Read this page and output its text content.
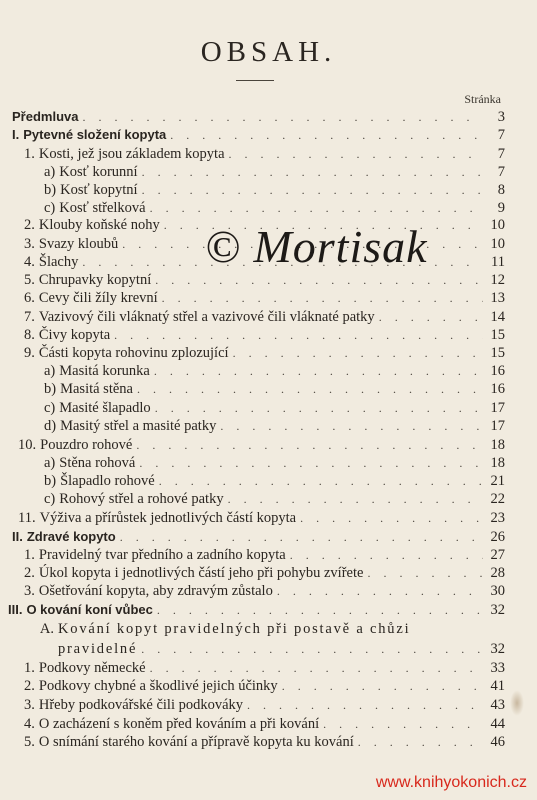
OBSAH.
Stránka
Předmluva . . .	3
I. Pytevné složení kopyta . . .	7
1. Kosti, jež jsou základem kopyta . . .	7
a) Kosť korunní . . .	7
b) Kosť kopytní . . .	8
c) Kosť střelková . . .	9
2. Klouby koňské nohy . . .	10
3. Svazy kloubů . . .	10
4. Šlachy . . .	11
5. Chrupavky kopytní . . .	12
6. Cevy čili žíly krevní . . .	13
7. Vazivový čili vláknatý střel a vazivové čili vláknaté patky . . .	14
8. Čivy kopyta . . .	15
9. Části kopyta rohovinu zplozující . . .	15
a) Masitá korunka . . .	16
b) Masitá stěna . . .	16
c) Masité šlapadlo . . .	17
d) Masitý střel a masité patky . . .	17
10. Pouzdro rohové . . .	18
a) Stěna rohová . . .	18
b) Šlapadlo rohové . . .	21
c) Rohový střel a rohové patky . . .	22
11. Výživa a přírůstek jednotlivých částí kopyta . . .	23
II. Zdravé kopyto . . .	26
1. Pravidelný tvar předního a zadního kopyta . . .	27
2. Úkol kopyta i jednotlivých částí jeho při pohybu zvířete . . .	28
3. Ošetřování kopyta, aby zdravým zůstalo . . .	30
III. O kování koní vůbec . . .	32
A. Kování kopyt pravidelných při postavě a chůzi
pravidelné . . .	32
1. Podkovy německé . . .	33
2. Podkovy chybné a škodlivé jejich účinky . . .	41
3. Hřeby podkovářské čili podkováky . . .	43
4. O zacházení s koněm před kováním a při kování . . .	44
5. O snímání starého kování a přípravě kopyta ku kování . . .	46
© Mortisak
www.knihyokonich.cz
